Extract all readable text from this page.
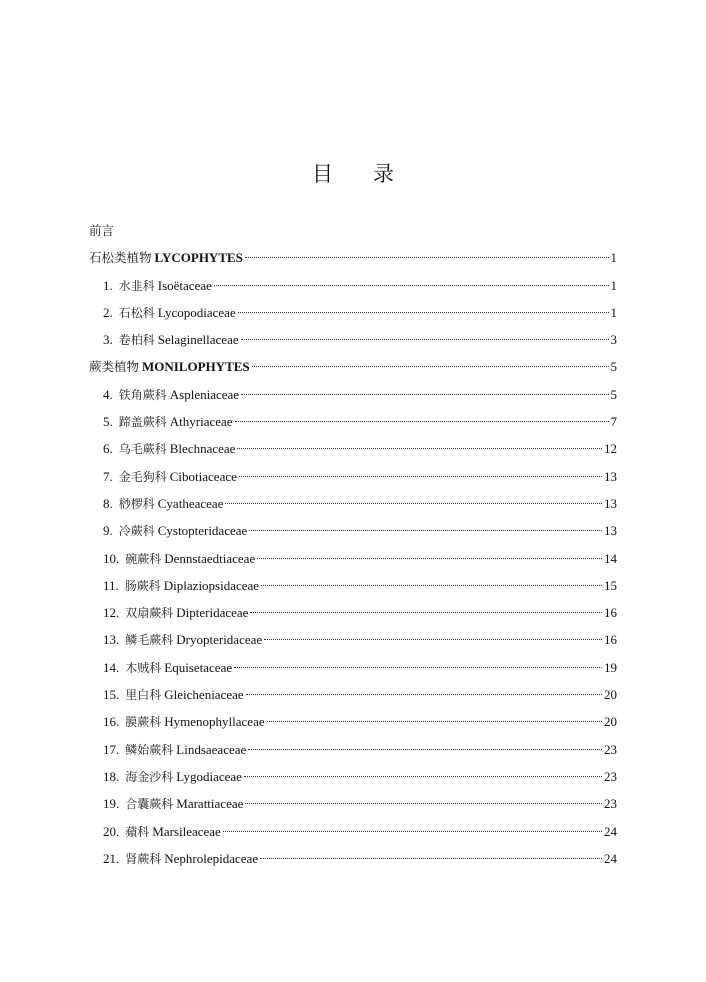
目 录
前言
石松类植物 LYCOPHYTES	1
1. 水韭科 Isoëtaceae	1
2. 石松科 Lycopodiaceae	1
3. 卷柏科 Selaginellaceae	3
蕨类植物 MONILOPHYTES	5
4. 铁角蕨科 Aspleniaceae	5
5. 蹄盖蕨科 Athyriaceae	7
6. 乌毛蕨科 Blechnaceae	12
7. 金毛狗科 Cibotiaceace	13
8. 桫椤科 Cyatheaceae	13
9. 冷蕨科 Cystopteridaceae	13
10. 碗蕨科 Dennstaedtiaceae	14
11. 肠蕨科 Diplaziopsidaceae	15
12. 双扇蕨科 Dipteridaceae	16
13. 鳞毛蕨科 Dryopteridaceae	16
14. 木贼科 Equisetaceae	19
15. 里白科 Gleicheniaceae	20
16. 膜蕨科 Hymenophyllaceae	20
17. 鳞始蕨科 Lindsaeaceae	23
18. 海金沙科 Lygodiaceae	23
19. 合囊蕨科 Marattiaceae	23
20. 蘋科 Marsileaceae	24
21. 肾蕨科 Nephrolepidaceae	24
